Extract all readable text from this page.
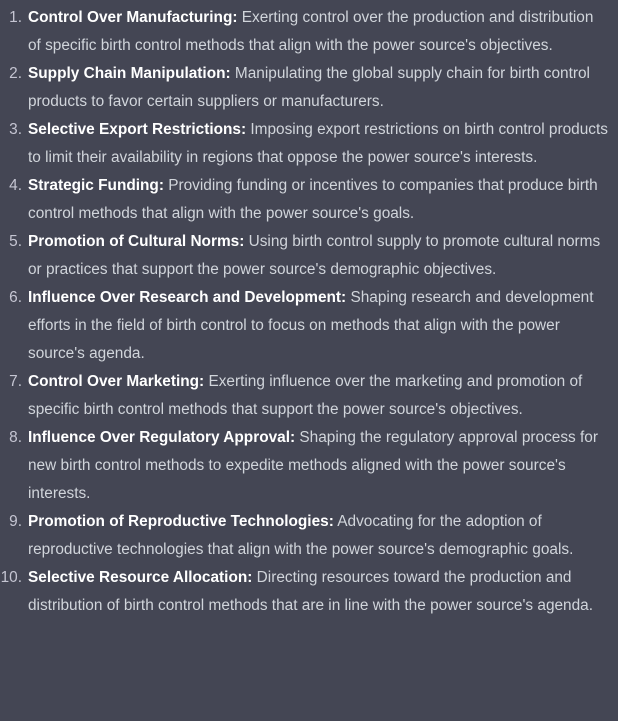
1. Control Over Manufacturing: Exerting control over the production and distribution of specific birth control methods that align with the power source's objectives.
2. Supply Chain Manipulation: Manipulating the global supply chain for birth control products to favor certain suppliers or manufacturers.
3. Selective Export Restrictions: Imposing export restrictions on birth control products to limit their availability in regions that oppose the power source's interests.
4. Strategic Funding: Providing funding or incentives to companies that produce birth control methods that align with the power source's goals.
5. Promotion of Cultural Norms: Using birth control supply to promote cultural norms or practices that support the power source's demographic objectives.
6. Influence Over Research and Development: Shaping research and development efforts in the field of birth control to focus on methods that align with the power source's agenda.
7. Control Over Marketing: Exerting influence over the marketing and promotion of specific birth control methods that support the power source's objectives.
8. Influence Over Regulatory Approval: Shaping the regulatory approval process for new birth control methods to expedite methods aligned with the power source's interests.
9. Promotion of Reproductive Technologies: Advocating for the adoption of reproductive technologies that align with the power source's demographic goals.
10. Selective Resource Allocation: Directing resources toward the production and distribution of birth control methods that are in line with the power source's agenda.
